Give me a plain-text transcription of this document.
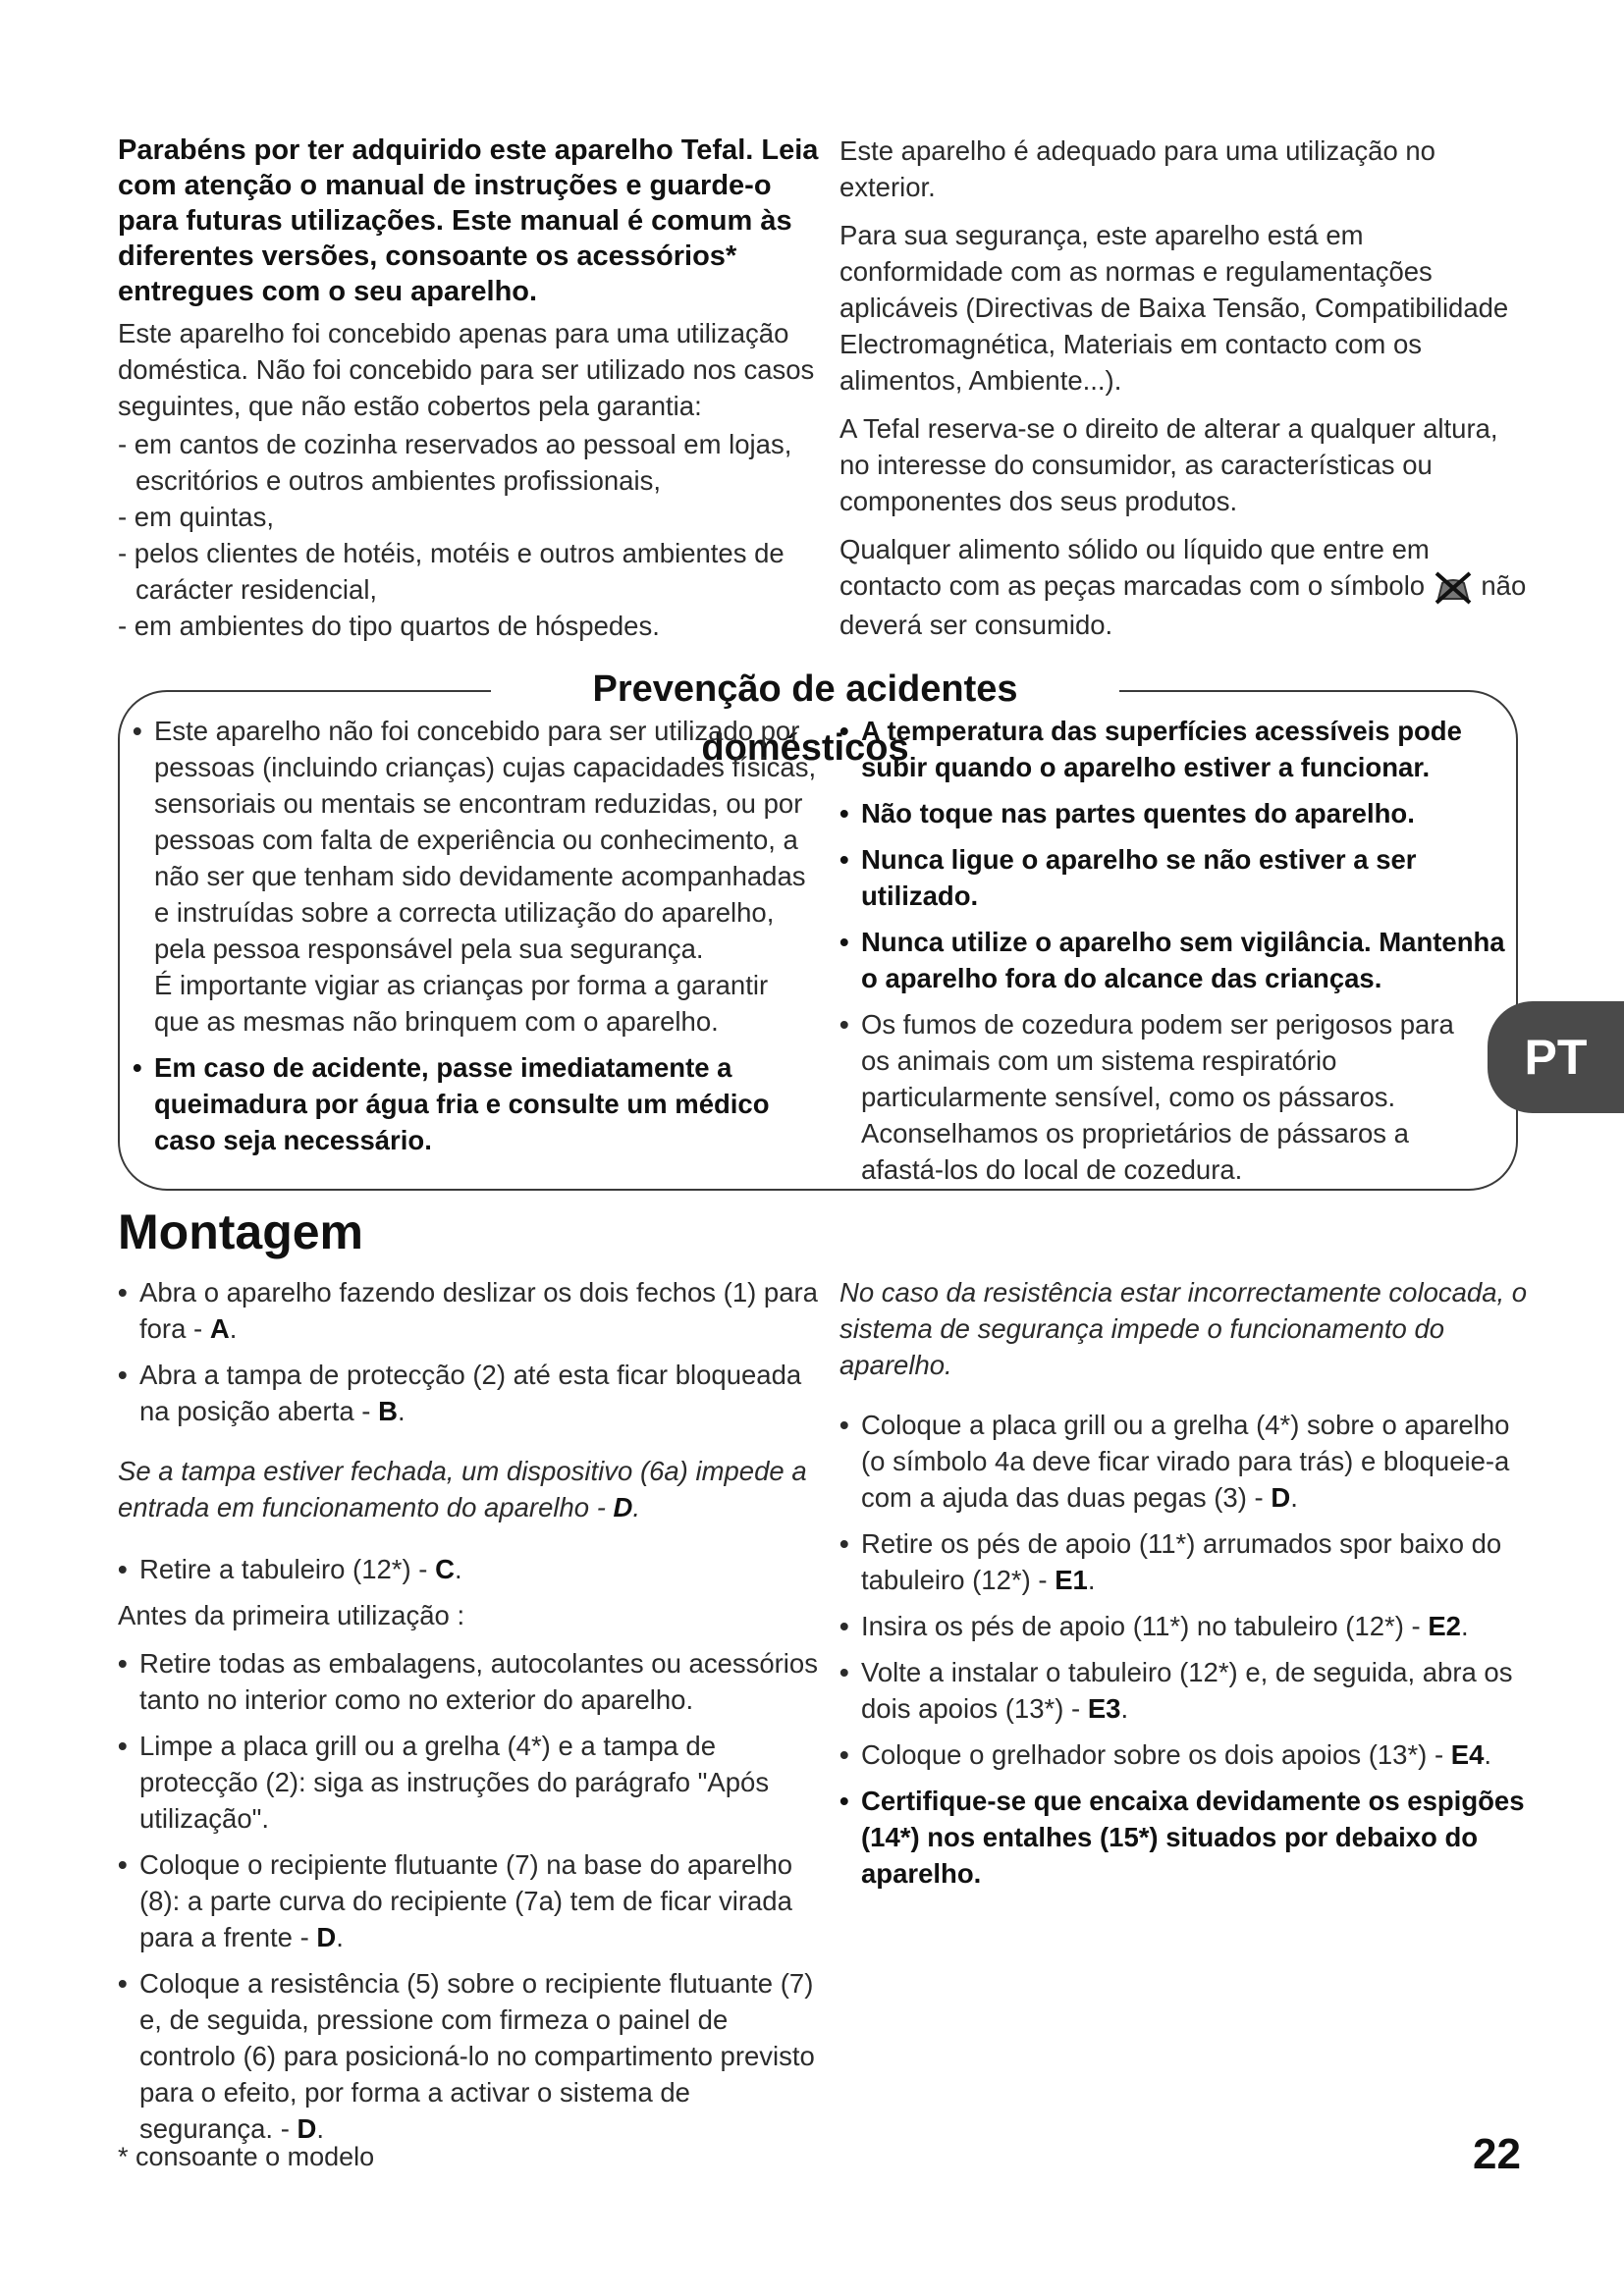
Parabéns por ter adquirido este aparelho Tefal. Leia com atenção o manual de instruções e guarde-o para futuras utilizações. Este manual é comum às diferentes versões, consoante os acessórios* entregues com o seu aparelho.

Este aparelho foi concebido apenas para uma utilização doméstica. Não foi concebido para ser utilizado nos casos seguintes, que não estão cobertos pela garantia:

- em cantos de cozinha reservados ao pessoal em lojas, escritórios e outros ambientes profissionais,

- em quintas,

- pelos clientes de hotéis, motéis e outros ambientes de carácter residencial,

- em ambientes do tipo quartos de hóspedes.

Este aparelho é adequado para uma utilização no exterior.

Para sua segurança, este aparelho está em conformidade com as normas e regulamentações aplicáveis (Directivas de Baixa Tensão, Compatibilidade Electromagnética, Materiais em contacto com os alimentos, Ambiente...).

A Tefal reserva-se o direito de alterar a qualquer altura, no interesse do consumidor, as características ou componentes dos seus produtos.

Qualquer alimento sólido ou líquido que entre em contacto com as peças marcadas com o símbolo não deverá ser consumido.

Prevenção de acidentes domésticos
• Este aparelho não foi concebido para ser utilizado por pessoas (incluindo crianças) cujas capacidades físicas, sensoriais ou mentais se encontram reduzidas, ou por pessoas com falta de experiência ou conhecimento, a não ser que tenham sido devidamente acompanhadas e instruídas sobre a correcta utilização do aparelho, pela pessoa responsável pela sua segurança.
É importante vigiar as crianças por forma a garantir que as mesmas não brinquem com o aparelho.
• Em caso de acidente, passe imediatamente a queimadura por água fria e consulte um médico caso seja necessário.
• A temperatura das superfícies acessíveis pode subir quando o aparelho estiver a funcionar.
• Não toque nas partes quentes do aparelho.
• Nunca ligue o aparelho se não estiver a ser utilizado.
• Nunca utilize o aparelho sem vigilância. Mantenha o aparelho fora do alcance das crianças.
• Os fumos de cozedura podem ser perigosos para os animais com um sistema respiratório particularmente sensível, como os pássaros. Aconselhamos os proprietários de pássaros a afastá-los do local de cozedura.
PT
Montagem
• Abra o aparelho fazendo deslizar os dois fechos (1) para fora - A.
• Abra a tampa de protecção (2) até esta ficar bloqueada na posição aberta - B.

Se a tampa estiver fechada, um dispositivo (6a) impede a entrada em funcionamento do aparelho - D.

• Retire a tabuleiro (12*) - C.

Antes da primeira utilização :

• Retire todas as embalagens, autocolantes ou acessórios tanto no interior como no exterior do aparelho.
• Limpe a placa grill ou a grelha (4*) e a tampa de protecção (2): siga as instruções do parágrafo "Após utilização".
• Coloque o recipiente flutuante (7) na base do aparelho (8): a parte curva do recipiente (7a) tem de ficar virada para a frente - D.
• Coloque a resistência (5) sobre o recipiente flutuante (7) e, de seguida, pressione com firmeza o painel de controlo (6) para posicioná-lo no compartimento previsto para o efeito, por forma a activar o sistema de segurança. - D.

No caso da resistência estar incorrectamente colocada, o sistema de segurança impede o funcionamento do aparelho.

• Coloque a placa grill ou a grelha (4*) sobre o aparelho (o símbolo 4a deve ficar virado para trás) e bloqueie-a com a ajuda das duas pegas (3) - D.
• Retire os pés de apoio (11*) arrumados spor baixo do tabuleiro (12*) - E1.
• Insira os pés de apoio (11*) no tabuleiro (12*) - E2.
• Volte a instalar o tabuleiro (12*) e, de seguida, abra os dois apoios (13*) - E3.
• Coloque o grelhador sobre os dois apoios (13*) - E4.
• Certifique-se que encaixa devidamente os espigões (14*) nos entalhes (15*) situados por debaixo do aparelho.
* consoante o modelo	22
